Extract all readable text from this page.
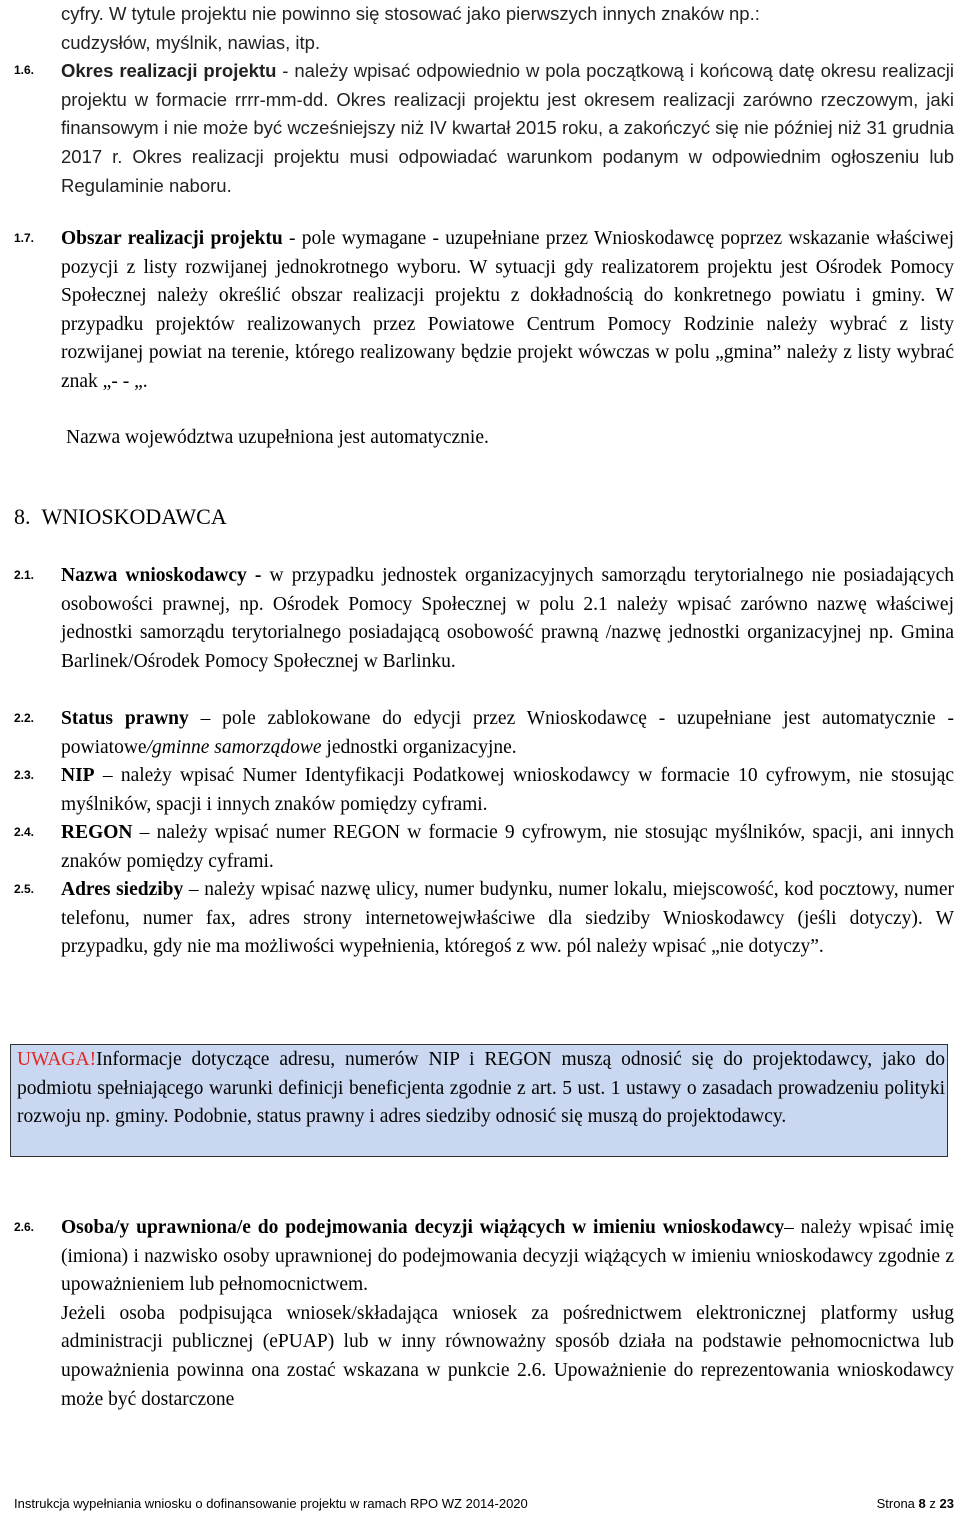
cyfry. W tytule projektu nie powinno się stosować jako pierwszych innych znaków np.:
cudzysłów, myślnik, nawias, itp.
1.6.	Okres realizacji projektu - należy wpisać odpowiednio w pola początkową i końcową datę okresu realizacji projektu w formacie rrrr-mm-dd. Okres realizacji projektu jest okresem realizacji zarówno rzeczowym, jaki finansowym i nie może być wcześniejszy niż IV kwartał 2015 roku, a zakończyć się nie później niż 31 grudnia 2017 r. Okres realizacji projektu musi odpowiadać warunkom podanym w odpowiednim ogłoszeniu lub Regulaminie naboru.
1.7.	Obszar realizacji projektu - pole wymagane - uzupełniane przez Wnioskodawcę poprzez wskazanie właściwej pozycji z listy rozwijanej jednokrotnego wyboru. W sytuacji gdy realizatorem projektu jest Ośrodek Pomocy Społecznej należy określić obszar realizacji projektu z dokładnością do konkretnego powiatu i gminy. W przypadku projektów realizowanych przez Powiatowe Centrum Pomocy Rodzinie należy wybrać z listy rozwijanej powiat na terenie, którego realizowany będzie projekt wówczas w polu „gmina” należy z listy wybrać znak „- - „.
Nazwa województwa uzupełniona jest automatycznie.
8.  WNIOSKODAWCA
2.1.	Nazwa wnioskodawcy - w przypadku jednostek organizacyjnych samorządu terytorialnego nie posiadających osobowości prawnej, np. Ośrodek Pomocy Społecznej w polu 2.1 należy wpisać zarówno nazwę właściwej jednostki samorządu terytorialnego posiadającą osobowość prawną /nazwę jednostki organizacyjnej np. Gmina Barlinek/Ośrodek Pomocy Społecznej w Barlinku.
2.2.	Status prawny – pole zablokowane do edycji przez Wnioskodawcę - uzupełniane jest automatycznie - powiatowe/gminne samorządowe jednostki organizacyjne.
2.3.	NIP – należy wpisać Numer Identyfikacji Podatkowej wnioskodawcy w formacie 10 cyfrowym, nie stosując myślników, spacji i innych znaków pomiędzy cyframi.
2.4.	REGON – należy wpisać numer REGON w formacie 9 cyfrowym, nie stosując myślników, spacji, ani innych znaków pomiędzy cyframi.
2.5.	Adres siedziby – należy wpisać nazwę ulicy, numer budynku, numer lokalu, miejscowość, kod pocztowy, numer telefonu, numer fax, adres strony internetowejwłaściwe dla siedziby Wnioskodawcy (jeśli dotyczy). W przypadku, gdy nie ma możliwości wypełnienia, któregoś z ww. pól należy wpisać „nie dotyczy”.
UWAGA!Informacje dotyczące adresu, numerów NIP i REGON muszą odnosić się do projektodawcy, jako do podmiotu spełniającego warunki definicji beneficjenta zgodnie z art. 5 ust. 1 ustawy o zasadach prowadzeniu polityki rozwoju np. gminy. Podobnie, status prawny i adres siedziby odnosić się muszą do projektodawcy.
2.6.	Osoba/y uprawniona/e do podejmowania decyzji wiążących w imieniu wnioskodawcy– należy wpisać imię (imiona) i nazwisko osoby uprawnionej do podejmowania decyzji wiążących w imieniu wnioskodawcy zgodnie z upoważnieniem lub pełnomocnictwem.
Jeżeli osoba podpisująca wniosek/składająca wniosek za pośrednictwem elektronicznej platformy usług administracji publicznej (ePUAP) lub w inny równoważny sposób działa na podstawie pełnomocnictwa lub upoważnienia powinna ona zostać wskazana w punkcie 2.6. Upoważnienie do reprezentowania wnioskodawcy może być dostarczone
Instrukcja wypełniania wniosku o dofinansowanie projektu w ramach RPO WZ 2014-2020	Strona 8 z 23
